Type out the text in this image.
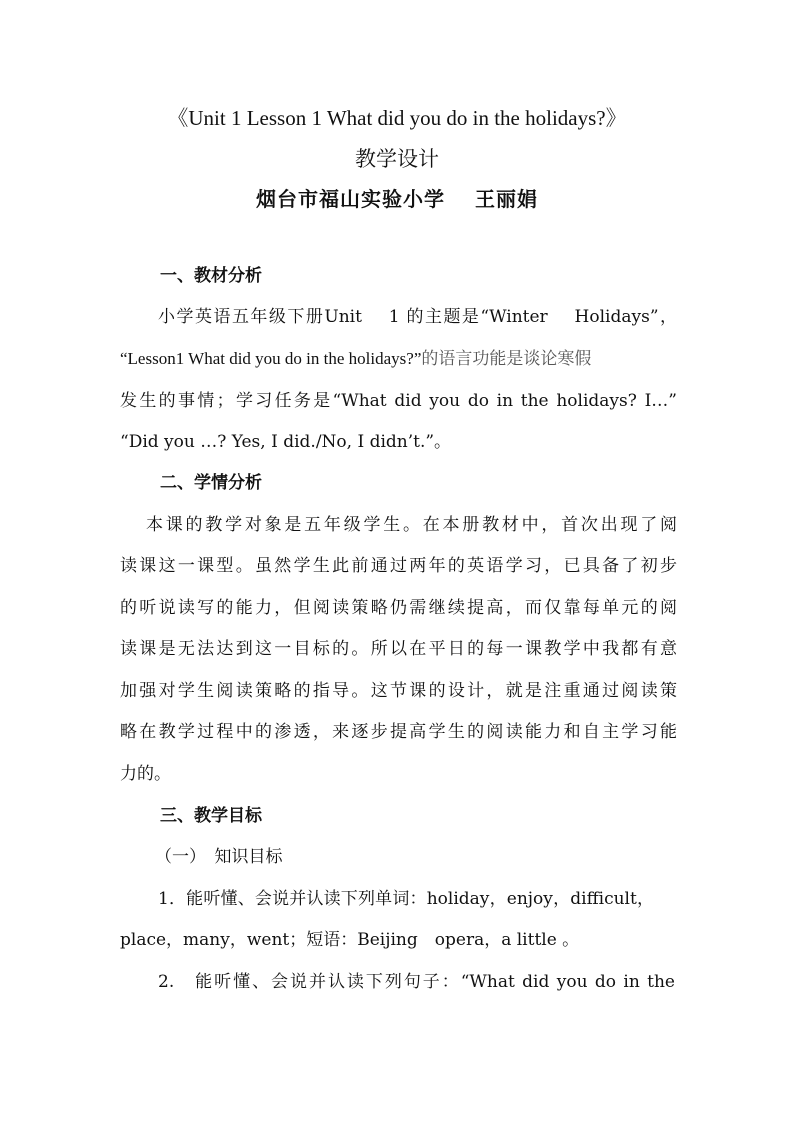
《Unit 1 Lesson 1 What did you do in the holidays?》
教学设计
烟台市福山实验小学 王丽娟
一、教材分析
小学英语五年级下册Unit　 1 的主题是“Winter　 Holidays”，
“Lesson1 What did you do in the holidays?”的语言功能是谈论寒假
发生的事情；学习任务是“What did you do in the holidays? I…”
“Did you …? Yes, I did./No, I didn’t.”。
二、学情分析
本课的教学对象是五年级学生。在本册教材中，首次出现了阅
读课这一课型。虽然学生此前通过两年的英语学习，已具备了初步
的听说读写的能力，但阅读策略仍需继续提高，而仅靠每单元的阅
读课是无法达到这一目标的。所以在平日的每一课教学中我都有意
加强对学生阅读策略的指导。这节课的设计，就是注重通过阅读策
略在教学过程中的渗透，来逐步提高学生的阅读能力和自主学习能
力的。
三、教学目标
（一）　知识目标
1．能听懂、会说并认读下列单词：holiday，enjoy，difficult，
place，many，went；短语：Beijing　opera，a little 。
2.　能听懂、会说并认读下列句子：“What did you do in the
